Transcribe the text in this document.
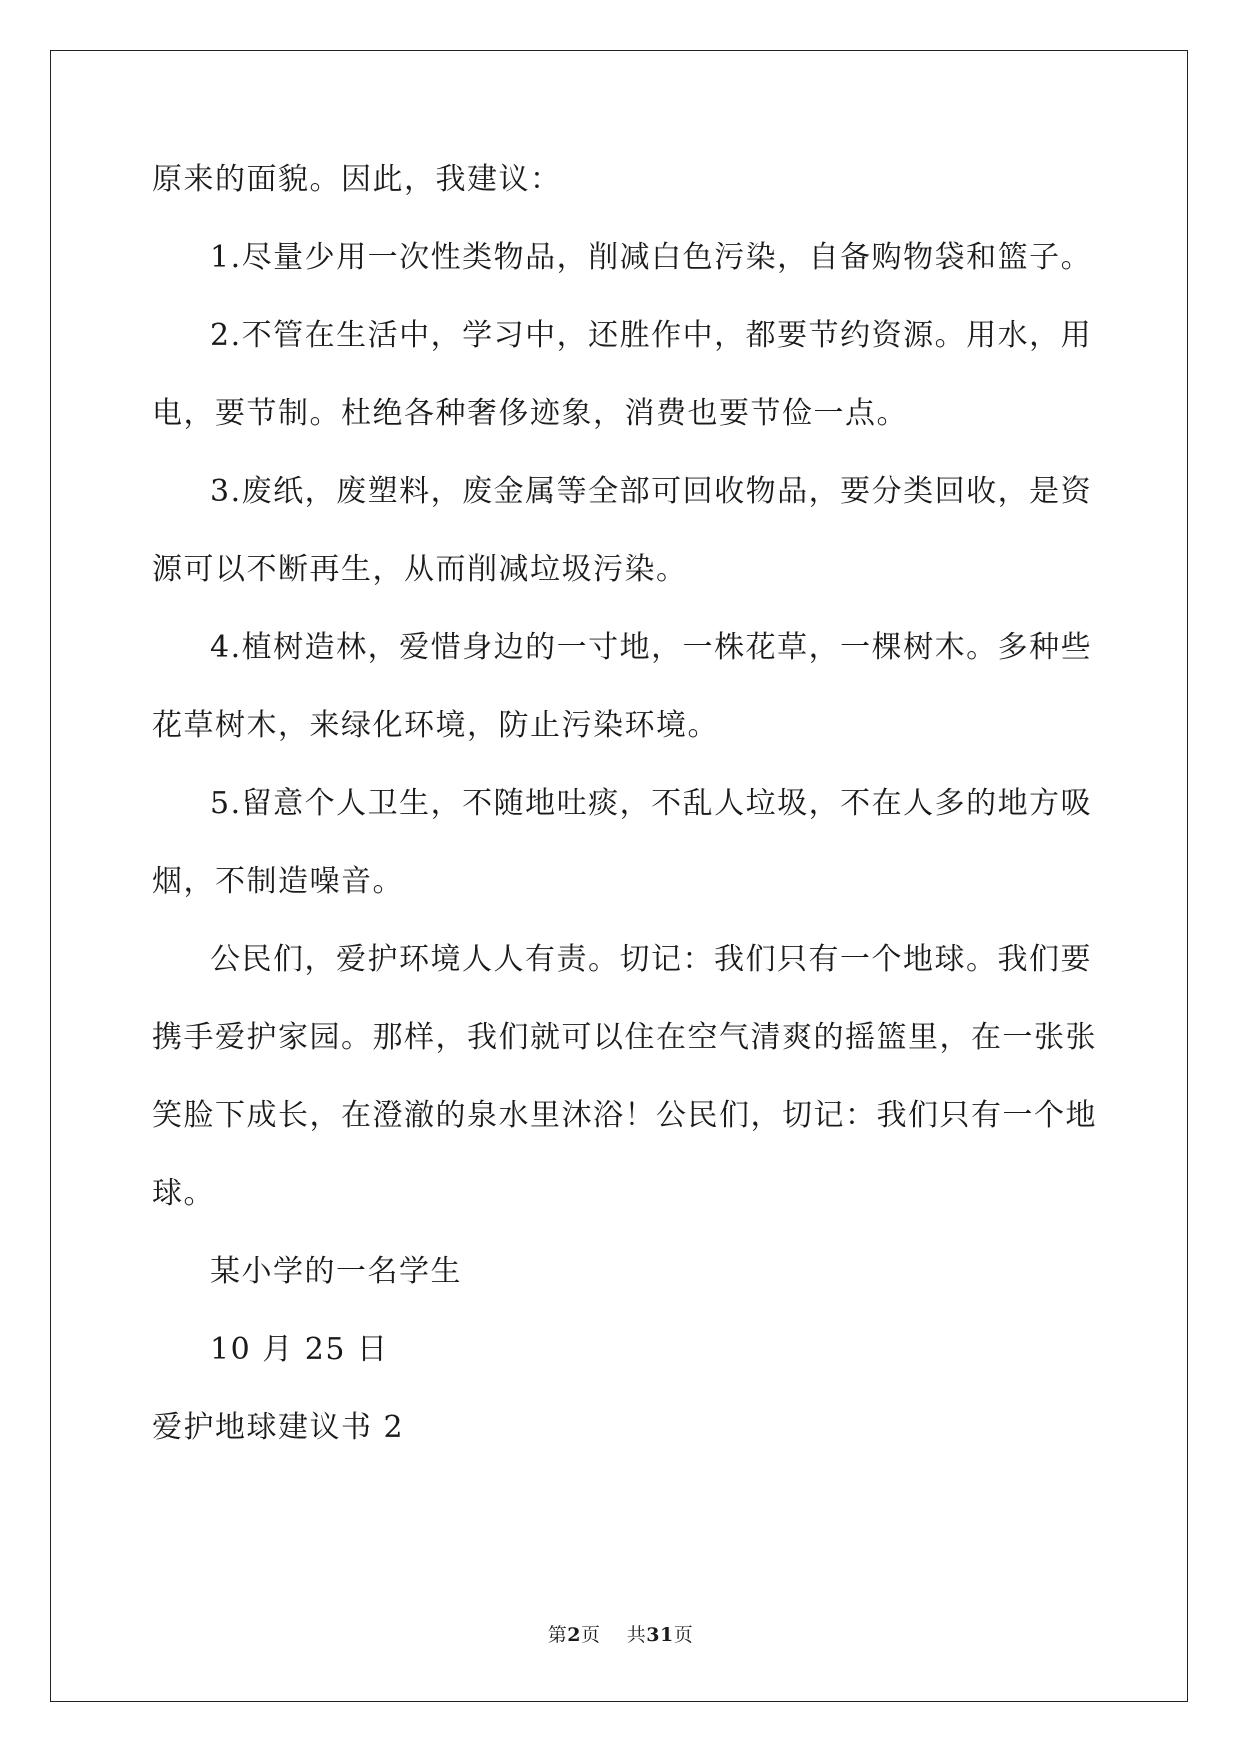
原来的面貌。因此，我建议：
1.尽量少用一次性类物品，削减白色污染，自备购物袋和篮子。
2.不管在生活中，学习中，还胜作中，都要节约资源。用水，用
电，要节制。杜绝各种奢侈迹象，消费也要节俭一点。
3.废纸，废塑料，废金属等全部可回收物品，要分类回收，是资
源可以不断再生，从而削减垃圾污染。
4.植树造林，爱惜身边的一寸地，一株花草，一棵树木。多种些
花草树木，来绿化环境，防止污染环境。
5.留意个人卫生，不随地吐痰，不乱人垃圾，不在人多的地方吸
烟，不制造噪音。
公民们，爱护环境人人有责。切记：我们只有一个地球。我们要
携手爱护家园。那样，我们就可以住在空气清爽的摇篮里，在一张张
笑脸下成长，在澄澈的泉水里沐浴！公民们，切记：我们只有一个地
球。
某小学的一名学生
10 月 25 日
爱护地球建议书 2
第2页 共31页
